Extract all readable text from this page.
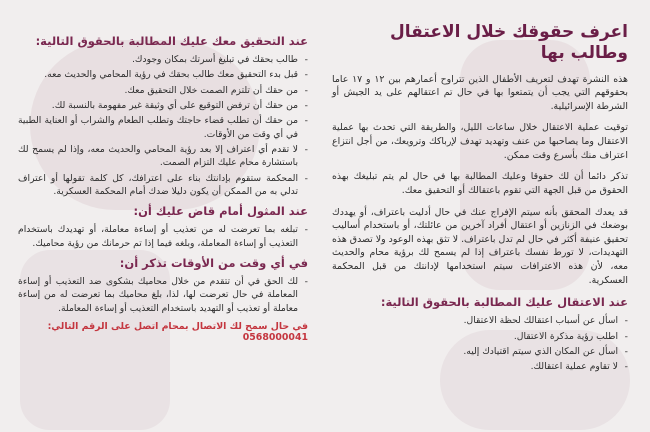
اعرف حقوقك خلال الاعتقال وطالب بها

هذه النشرة تهدف لتعريف الأطفال الذين تتراوح أعمارهم بين ١٢ و ١٧ عاما بحقوقهم التي يجب أن يتمتعوا بها في حال تم اعتقالهم على يد الجيش أو الشرطة الإسرائيلية.

توقيت عملية الاعتقال خلال ساعات الليل، والطريقة التي تحدث بها عملية الاعتقال وما يصاحبها من عنف وتهديد تهدف لإرباكك وترويعك، من أجل انتزاع اعتراف منك بأسرع وقت ممكن.

تذكر دائما أن لك حقوقا وعليك المطالبة بها في حال لم يتم تبليغك بهذه الحقوق من قبل الجهة التي تقوم باعتقالك أو التحقيق معك.

قد يعدك المحقق بأنه سيتم الإفراج عنك في حال أدليت باعتراف، أو يهددك بوضعك في الزنازين أو اعتقال أفراد آخرين من عائلتك، أو باستخدام أساليب تحقيق عنيفة أكثر في حال لم تدل باعتراف. لا تثق بهذه الوعود ولا تصدق هذه التهديدات، لا تورط نفسك باعتراف إذا لم يسمح لك برؤية محام والحديث معه، لأن هذه الاعترافات سيتم استخدامها لإدانتك من قبل المحكمة العسكرية.

عند الاعتقال عليك المطالبة بالحقوق التالية:
- اسأل عن أسباب اعتقالك لحظة الاعتقال.
- اطلب رؤية مذكرة الاعتقال.
- اسأل عن المكان الذي سيتم اقتيادك إليه.
- لا تقاوم عملية اعتقالك.
عند التحقيق معك عليك المطالبة بالحقوق التالية:
- طالب بحقك في تبليغ أسرتك بمكان وجودك.
- قبل بدء التحقيق معك طالب بحقك في رؤية المحامي والحديث معه.
- من حقك أن تلتزم الصمت خلال التحقيق معك.
- من حقك أن ترفض التوقيع على أي وثيقة غير مفهومة بالنسبة لك.
- من حقك أن تطلب قضاء حاجتك وتطلب الطعام والشراب أو العناية الطبية في أي وقت من الأوقات.
- لا تقدم أي اعتراف إلا بعد رؤية المحامي والحديث معه، وإذا لم يسمح لك باستشارة محام عليك التزام الصمت.
- المحكمة ستقوم بإدانتك بناء على اعترافك، كل كلمة تقولها أو اعتراف تدلي به من الممكن أن يكون دليلا ضدك أمام المحكمة العسكرية.
عند المثول أمام قاض عليك أن:
- تبلغه بما تعرضت له من تعذيب أو إساءة معاملة، أو تهديدك باستخدام التعذيب أو إساءة المعاملة، وبلغه فيما إذا تم حرمانك من رؤية محاميك.
في أي وقت من الأوقات تذكر أن:
- لك الحق في أن تتقدم من خلال محاميك بشكوى ضد التعذيب أو إساءة المعاملة في حال تعرضت لها، لذا، بلغ محاميك بما تعرضت له من إساءة معاملة أو تعذيب أو التهديد باستخدام التعذيب أو إساءة المعاملة.
في حال سمح لك الاتصال بمحام اتصل على الرقم التالي: 0568000041
